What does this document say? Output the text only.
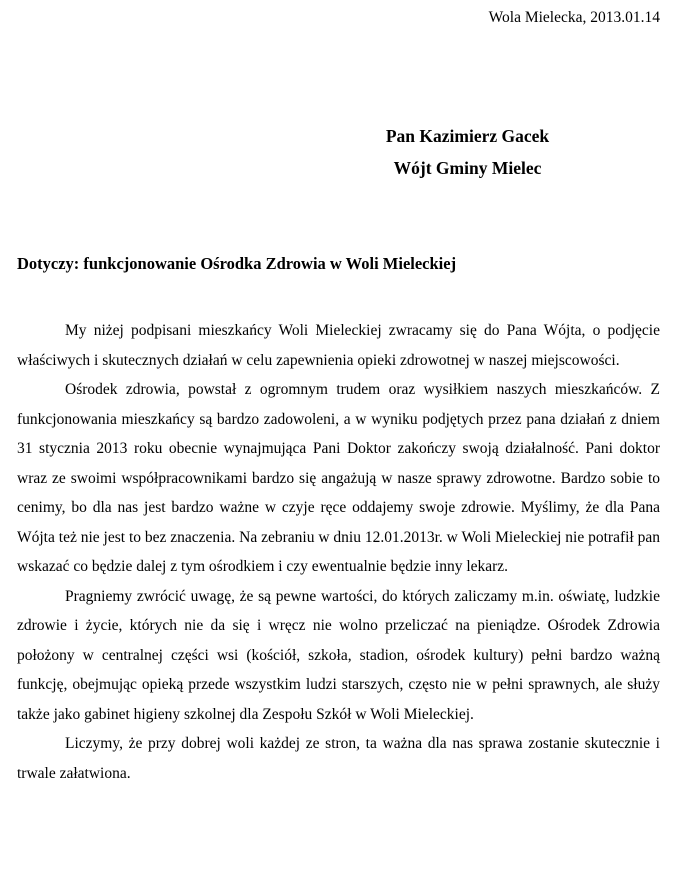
Wola Mielecka, 2013.01.14
Pan Kazimierz Gacek
Wójt Gminy Mielec
Dotyczy: funkcjonowanie Ośrodka Zdrowia w Woli Mieleckiej

My niżej podpisani mieszkańcy Woli Mieleckiej zwracamy się do Pana Wójta, o podjęcie właściwych i skutecznych działań w celu zapewnienia opieki zdrowotnej w naszej miejscowości.

Ośrodek zdrowia, powstał z ogromnym trudem oraz wysiłkiem naszych mieszkańców. Z funkcjonowania mieszkańcy są bardzo zadowoleni, a w wyniku podjętych przez pana działań z dniem 31 stycznia 2013 roku obecnie wynajmująca Pani Doktor zakończy swoją działalność. Pani doktor wraz ze swoimi współpracownikami bardzo się angażują w nasze sprawy zdrowotne. Bardzo sobie to cenimy, bo dla nas jest bardzo ważne w czyje ręce oddajemy swoje zdrowie. Myślimy, że dla Pana Wójta też nie jest to bez znaczenia. Na zebraniu w dniu 12.01.2013r. w Woli Mieleckiej nie potrafił pan wskazać co będzie dalej z tym ośrodkiem i czy ewentualnie będzie inny lekarz.

Pragniemy zwrócić uwagę, że są pewne wartości, do których zaliczamy m.in. oświatę, ludzkie zdrowie i życie, których nie da się i wręcz nie wolno przeliczać na pieniądze. Ośrodek Zdrowia położony w centralnej części wsi (kościół, szkoła, stadion, ośrodek kultury) pełni bardzo ważną funkcję, obejmując opieką przede wszystkim ludzi starszych, często nie w pełni sprawnych, ale służy także jako gabinet higieny szkolnej dla Zespołu Szkół w Woli Mieleckiej.

Liczymy, że przy dobrej woli każdej ze stron, ta ważna dla nas sprawa zostanie skutecznie i trwale załatwiona.
